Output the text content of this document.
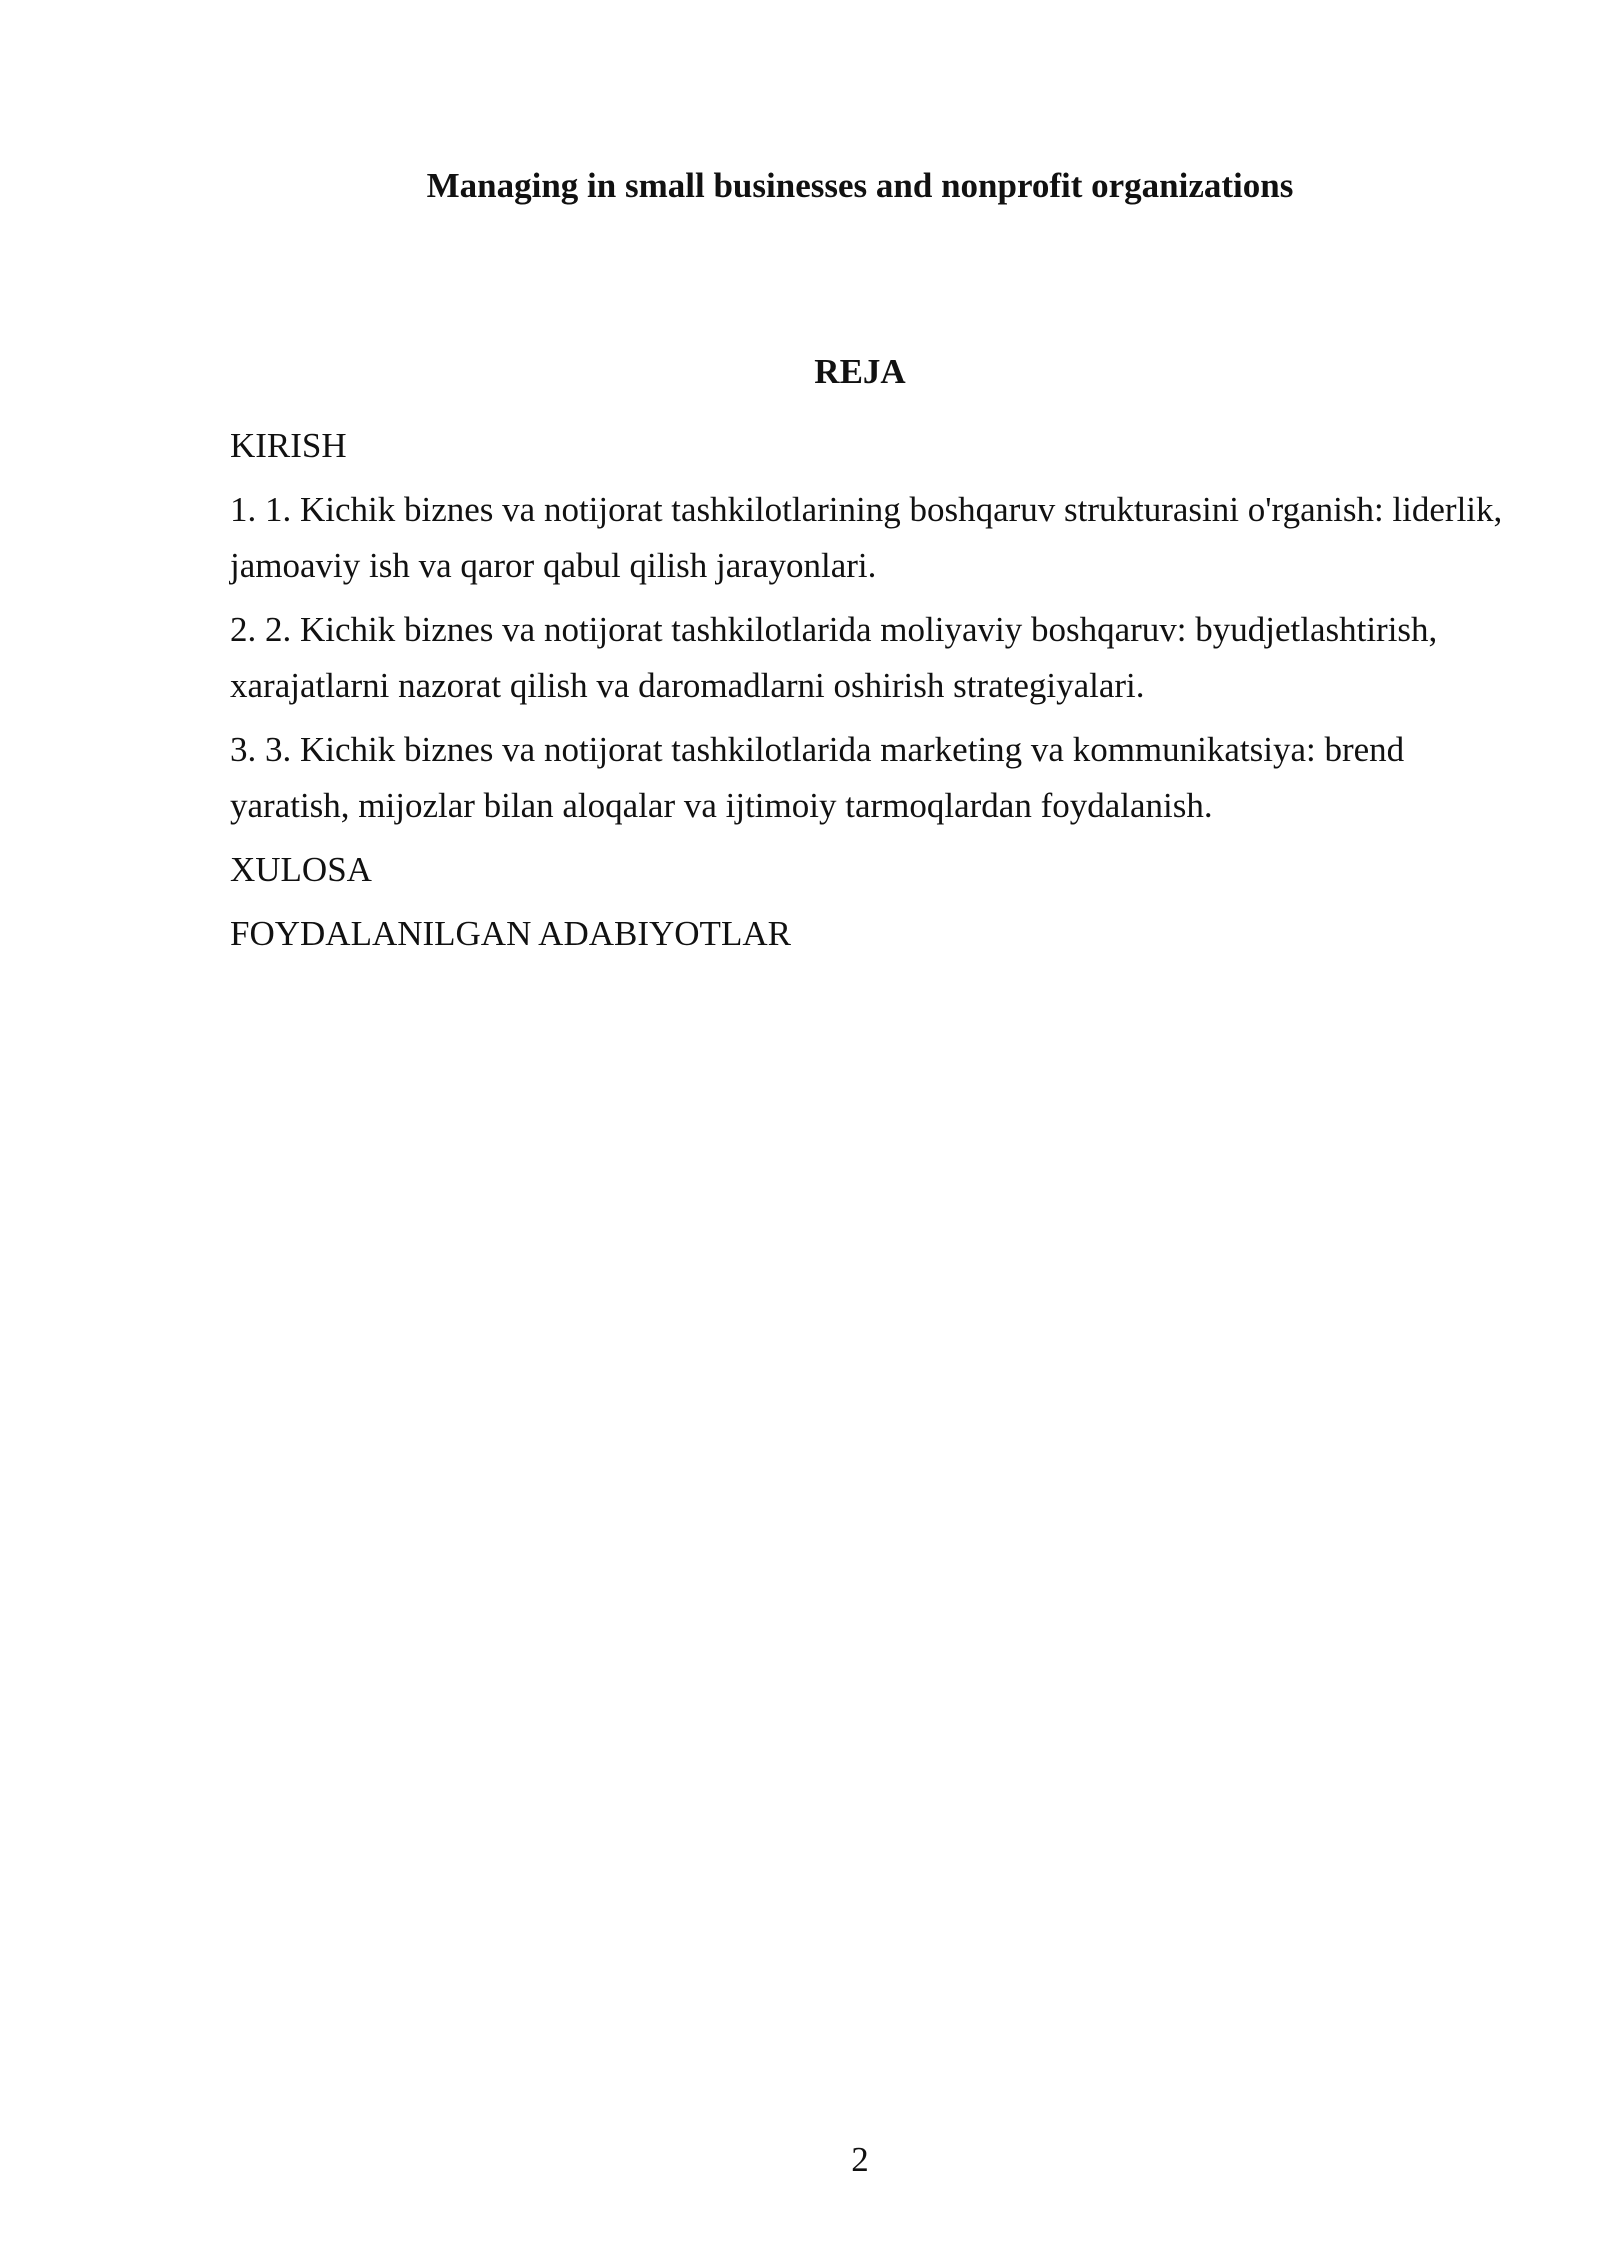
Managing in small businesses and nonprofit organizations
REJA

KIRISH

1. 1. Kichik biznes va notijorat tashkilotlarining boshqaruv strukturasini o'rganish: liderlik, jamoaviy ish va qaror qabul qilish jarayonlari.

2. 2. Kichik biznes va notijorat tashkilotlarida moliyaviy boshqaruv: byudjetlashtirish, xarajatlarni nazorat qilish va daromadlarni oshirish strategiyalari.

3. 3. Kichik biznes va notijorat tashkilotlarida marketing va kommunikatsiya: brend yaratish, mijozlar bilan aloqalar va ijtimoiy tarmoqlardan foydalanish.

XULOSA

FOYDALANILGAN ADABIYOTLAR

2
